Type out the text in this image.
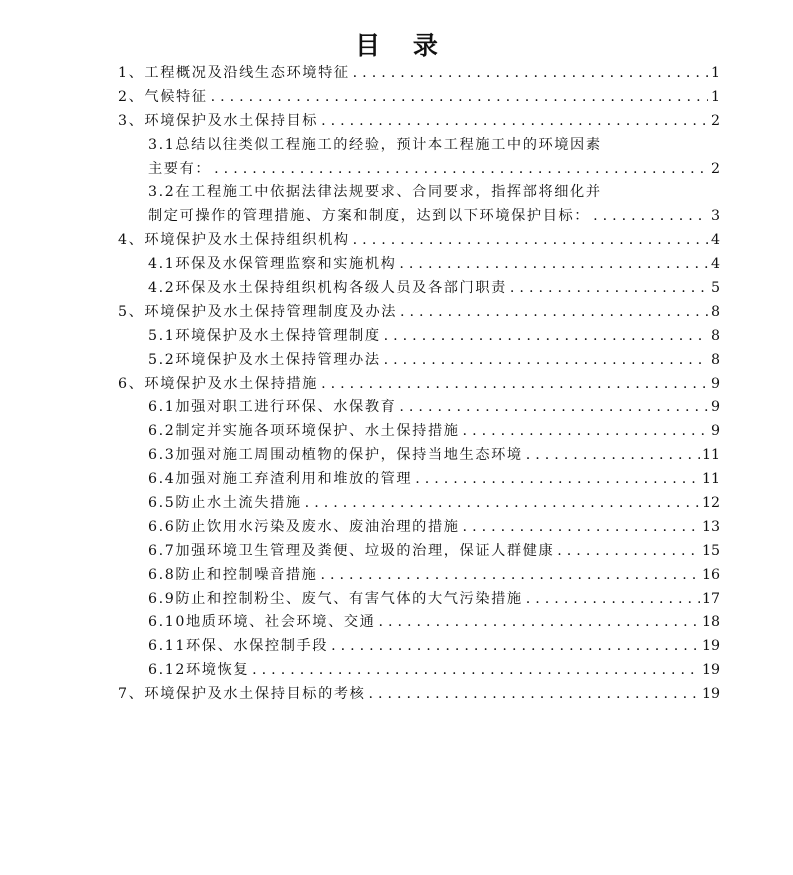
目 录
1、工程概况及沿线生态环境特征 . . .	1
2、气候特征 . . .	1
3、环境保护及水土保持目标 . . .	2
3.1总结以往类似工程施工的经验，预计本工程施工中的环境因素
主要有： . . .	2
3.2在工程施工中依据法律法规要求、合同要求，指挥部将细化并
制定可操作的管理措施、方案和制度，达到以下环境保护目标： . . .	3
4、环境保护及水土保持组织机构 . . .	4
4.1环保及水保管理监察和实施机构 . . .	4
4.2环保及水土保持组织机构各级人员及各部门职责 . . .	5
5、环境保护及水土保持管理制度及办法 . . .	8
5.1环境保护及水土保持管理制度 . . .	8
5.2环境保护及水土保持管理办法 . . .	8
6、环境保护及水土保持措施 . . .	9
6.1加强对职工进行环保、水保教育 . . .	9
6.2制定并实施各项环境保护、水土保持措施 . . .	9
6.3加强对施工周围动植物的保护，保持当地生态环境 . . .	11
6.4加强对施工弃渣利用和堆放的管理 . . .	11
6.5防止水土流失措施 . . .	12
6.6防止饮用水污染及废水、废油治理的措施 . . .	13
6.7加强环境卫生管理及粪便、垃圾的治理，保证人群健康 . . .	15
6.8防止和控制噪音措施 . . .	16
6.9防止和控制粉尘、废气、有害气体的大气污染措施 . . .	17
6.10地质环境、社会环境、交通 . . .	18
6.11环保、水保控制手段 . . .	19
6.12环境恢复 . . .	19
7、环境保护及水土保持目标的考核 . . .	19
